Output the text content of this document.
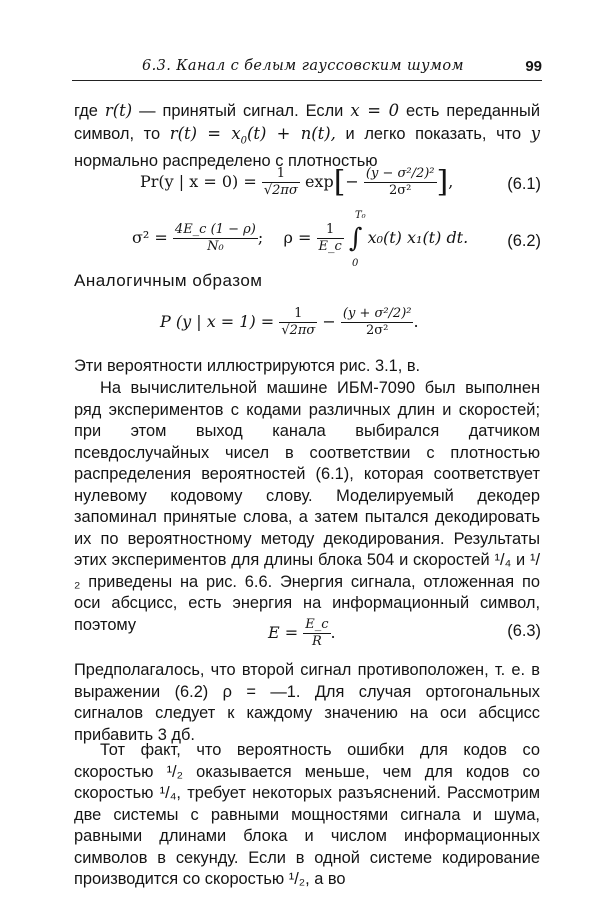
6.3. Канал с белым гауссовским шумом	99

где r(t) — принятый сигнал. Если x = 0 есть переданный символ, то $r(t) = x_0(t) + n(t)$, и легко показать, что y нормально распределено с плотностью

Pr(y | $x = 0) = \frac{1}{√2\pi\sigma} \exp[- \frac{\text{(y − σ²/2)²}}{\text{2σ²}}$ ],	(6.1)
$\sigma^2 = \frac{4E\_c (1 - \rho)}{\text{N₀}}$ ; $\rho = \frac{1}{E\_c}$ ∫ x₀(t) x₁(t) dt.
T₀
0
(6.2)

Аналогичным образом

P (y | $x = 1) = \frac{1}{√2\pi\sigma} - \frac{\text{(y + σ²/2)²}}{\text{2σ²}}$ .

Эти вероятности иллюстрируются рис. 3.1, в.

На вычислительной машине ИБМ-7090 был выполнен ряд экспериментов с кодами различных длин и скоростей; при этом выход канала выбирался датчиком псевдослучайных чисел в соответствии с плотностью распределения вероятностей (6.1), которая соответствует нулевому кодовому слову. Моделируемый декодер запоминал принятые слова, а затем пытался декодировать их по вероятностному методу декодирования. Результаты этих экспериментов для длины блока 504 и скоростей ¹/₄ и ¹/₂ приведены на рис. 6.6. Энергия сигнала, отложенная по оси абсцисс, есть энергия на информационный символ, поэтому	$E = \frac{E\_c}{R}$ .	(6.3)

Предполагалось, что второй сигнал противоположен, т. е. в выражении (6.2) ρ = —1. Для случая ортогональных сигналов следует к каждому значению на оси абсцисс прибавить 3 дб.

Тот факт, что вероятность ошибки для кодов со скоростью ¹/₂ оказывается меньше, чем для кодов со скоростью ¹/₄, требует некоторых разъяснений. Рассмотрим две системы с равными мощностями сигнала и шума, равными длинами блока и числом информационных символов в секунду. Если в одной системе кодирование производится со скоростью ¹/₂, а во
